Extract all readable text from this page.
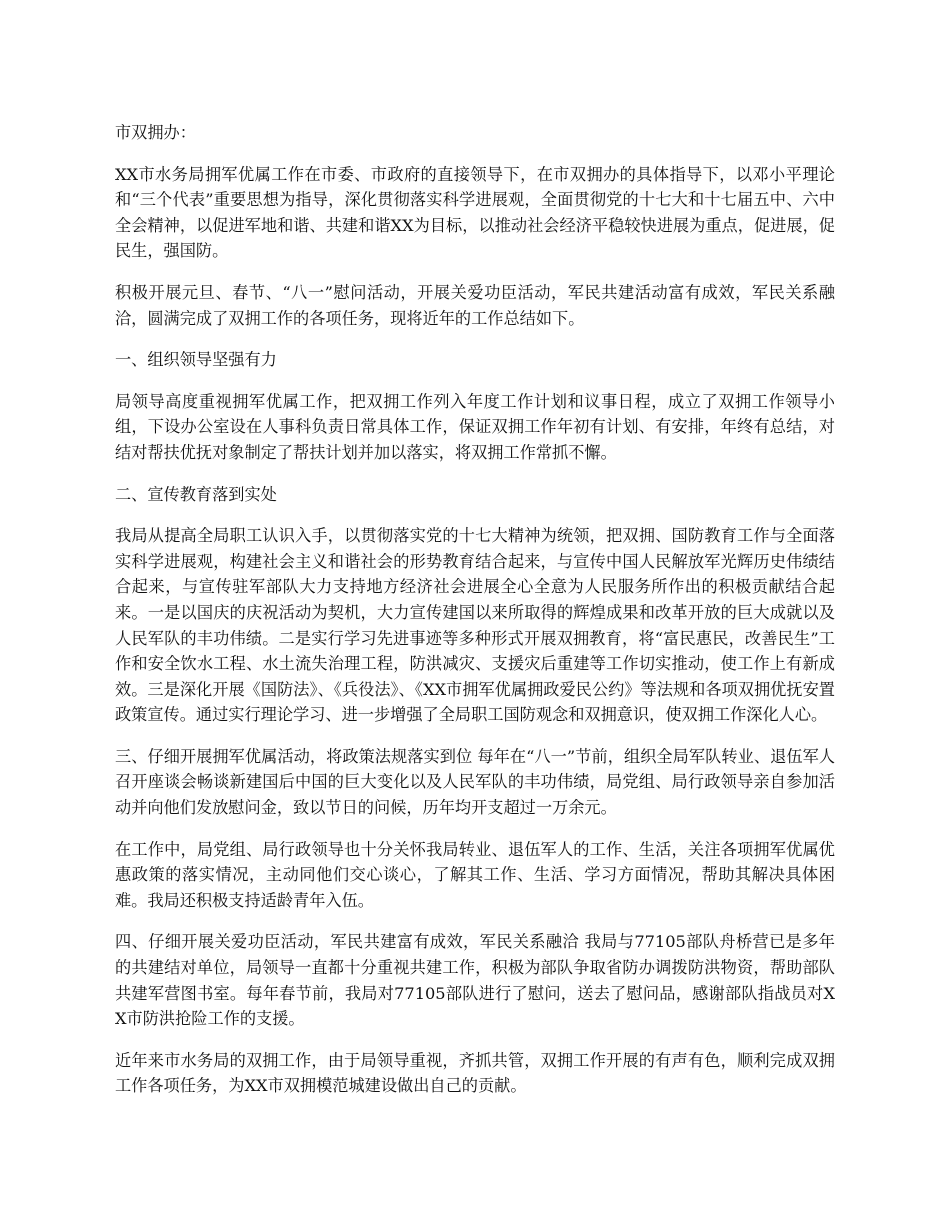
市双拥办：

XX市水务局拥军优属工作在市委、市政府的直接领导下，在市双拥办的具体指导下，以邓小平理论和“三个代表”重要思想为指导，深化贯彻落实科学进展观，全面贯彻党的十七大和十七届五中、六中全会精神，以促进军地和谐、共建和谐XX为目标，以推动社会经济平稳较快进展为重点，促进展，促民生，强国防。

积极开展元旦、春节、“八一”慰问活动，开展关爱功臣活动，军民共建活动富有成效，军民关系融洽，圆满完成了双拥工作的各项任务，现将近年的工作总结如下。

一、组织领导坚强有力

局领导高度重视拥军优属工作，把双拥工作列入年度工作计划和议事日程，成立了双拥工作领导小组，下设办公室设在人事科负责日常具体工作，保证双拥工作年初有计划、有安排，年终有总结，对结对帮扶优抚对象制定了帮扶计划并加以落实，将双拥工作常抓不懈。

二、宣传教育落到实处

我局从提高全局职工认识入手，以贯彻落实党的十七大精神为统领，把双拥、国防教育工作与全面落实科学进展观，构建社会主义和谐社会的形势教育结合起来，与宣传中国人民解放军光辉历史伟绩结合起来，与宣传驻军部队大力支持地方经济社会进展全心全意为人民服务所作出的积极贡献结合起来。一是以国庆的庆祝活动为契机，大力宣传建国以来所取得的辉煌成果和改革开放的巨大成就以及人民军队的丰功伟绩。二是实行学习先进事迹等多种形式开展双拥教育，将“富民惠民，改善民生”工作和安全饮水工程、水土流失治理工程，防洪减灾、支援灾后重建等工作切实推动，使工作上有新成效。三是深化开展《国防法》、《兵役法》、《XX市拥军优属拥政爱民公约》等法规和各项双拥优抚安置政策宣传。通过实行理论学习、进一步增强了全局职工国防观念和双拥意识，使双拥工作深化人心。

三、仔细开展拥军优属活动，将政策法规落实到位 每年在“八一”节前，组织全局军队转业、退伍军人召开座谈会畅谈新建国后中国的巨大变化以及人民军队的丰功伟绩，局党组、局行政领导亲自参加活动并向他们发放慰问金，致以节日的问候，历年均开支超过一万余元。

在工作中，局党组、局行政领导也十分关怀我局转业、退伍军人的工作、生活，关注各项拥军优属优惠政策的落实情况，主动同他们交心谈心，了解其工作、生活、学习方面情况，帮助其解决具体困难。我局还积极支持适龄青年入伍。

四、仔细开展关爱功臣活动，军民共建富有成效，军民关系融洽 我局与77105部队舟桥营已是多年的共建结对单位，局领导一直都十分重视共建工作，积极为部队争取省防办调拨防洪物资，帮助部队共建军营图书室。每年春节前，我局对77105部队进行了慰问，送去了慰问品，感谢部队指战员对XX市防洪抢险工作的支援。

近年来市水务局的双拥工作，由于局领导重视，齐抓共管，双拥工作开展的有声有色，顺利完成双拥工作各项任务，为XX市双拥模范城建设做出自己的贡献。
